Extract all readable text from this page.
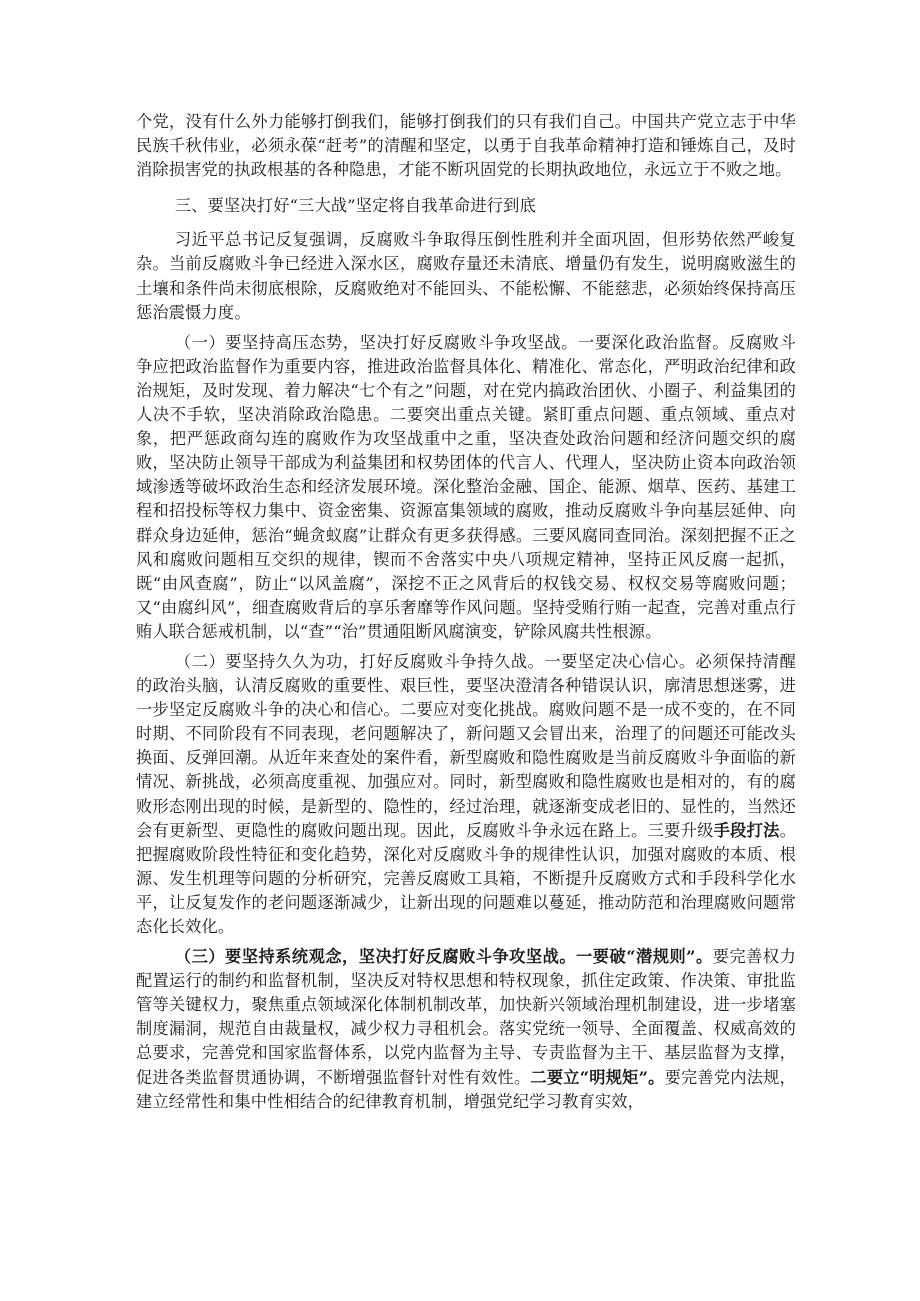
个党，没有什么外力能够打倒我们，能够打倒我们的只有我们自己。中国共产党立志于中华民族千秋伟业，必须永葆“赶考”的清醒和坚定，以勇于自我革命精神打造和锤炼自己，及时消除损害党的执政根基的各种隐患，才能不断巩固党的长期执政地位，永远立于不败之地。

三、要坚决打好“三大战”坚定将自我革命进行到底

习近平总书记反复强调，反腐败斗争取得压倒性胜利并全面巩固，但形势依然严峻复杂。当前反腐败斗争已经进入深水区，腐败存量还未清底、增量仍有发生，说明腐败滋生的土壤和条件尚未彻底根除，反腐败绝对不能回头、不能松懈、不能慈悲，必须始终保持高压惩治震慑力度。

（一）要坚持高压态势，坚决打好反腐败斗争攻坚战。一要深化政治监督。反腐败斗争应把政治监督作为重要内容，推进政治监督具体化、精准化、常态化，严明政治纪律和政治规矩，及时发现、着力解决“七个有之”问题，对在党内搞政治团伙、小圈子、利益集团的人决不手软，坚决消除政治隐患。二要突出重点关键。紧盯重点问题、重点领域、重点对象，把严惩政商勾连的腐败作为攻坚战重中之重，坚决查处政治问题和经济问题交织的腐败，坚决防止领导干部成为利益集团和权势团体的代言人、代理人，坚决防止资本向政治领域渗透等破坏政治生态和经济发展环境。深化整治金融、国企、能源、烟草、医药、基建工程和招投标等权力集中、资金密集、资源富集领域的腐败，推动反腐败斗争向基层延伸、向群众身边延伸，惩治“蝇贪蚁腐”让群众有更多获得感。三要风腐同查同治。深刻把握不正之风和腐败问题相互交织的规律，锲而不舍落实中央八项规定精神，坚持正风反腐一起抓，既“由风查腐”，防止“以风盖腐”，深挖不正之风背后的权钱交易、权权交易等腐败问题；又“由腐纠风”，细查腐败背后的享乐奢靡等作风问题。坚持受贿行贿一起查，完善对重点行贿人联合惩戒机制，以“查”“治”贯通阻断风腐演变，铲除风腐共性根源。

（二）要坚持久久为功，打好反腐败斗争持久战。一要坚定决心信心。必须保持清醒的政治头脑，认清反腐败的重要性、艰巨性，要坚决澄清各种错误认识，廓清思想迷雾，进一步坚定反腐败斗争的决心和信心。二要应对变化挑战。腐败问题不是一成不变的，在不同时期、不同阶段有不同表现，老问题解决了，新问题又会冒出来，治理了的问题还可能改头换面、反弹回潮。从近年来查处的案件看，新型腐败和隐性腐败是当前反腐败斗争面临的新情况、新挑战，必须高度重视、加强应对。同时，新型腐败和隐性腐败也是相对的，有的腐败形态刚出现的时候，是新型的、隐性的，经过治理，就逐渐变成老旧的、显性的，当然还会有更新型、更隐性的腐败问题出现。因此，反腐败斗争永远在路上。三要升级手段打法。把握腐败阶段性特征和变化趋势，深化对反腐败斗争的规律性认识，加强对腐败的本质、根源、发生机理等问题的分析研究，完善反腐败工具箱，不断提升反腐败方式和手段科学化水平，让反复发作的老问题逐渐减少，让新出现的问题难以蔓延，推动防范和治理腐败问题常态化长效化。

（三）要坚持系统观念，坚决打好反腐败斗争攻坚战。一要破“潜规则”。要完善权力配置运行的制约和监督机制，坚决反对特权思想和特权现象，抓住定政策、作决策、审批监管等关键权力，聚焦重点领域深化体制机制改革，加快新兴领域治理机制建设，进一步堵塞制度漏洞，规范自由裁量权，减少权力寻租机会。落实党统一领导、全面覆盖、权威高效的总要求，完善党和国家监督体系，以党内监督为主导、专责监督为主干、基层监督为支撑，促进各类监督贯通协调，不断增强监督针对性有效性。二要立“明规矩”。要完善党内法规，建立经常性和集中性相结合的纪律教育机制，增强党纪学习教育实效，
